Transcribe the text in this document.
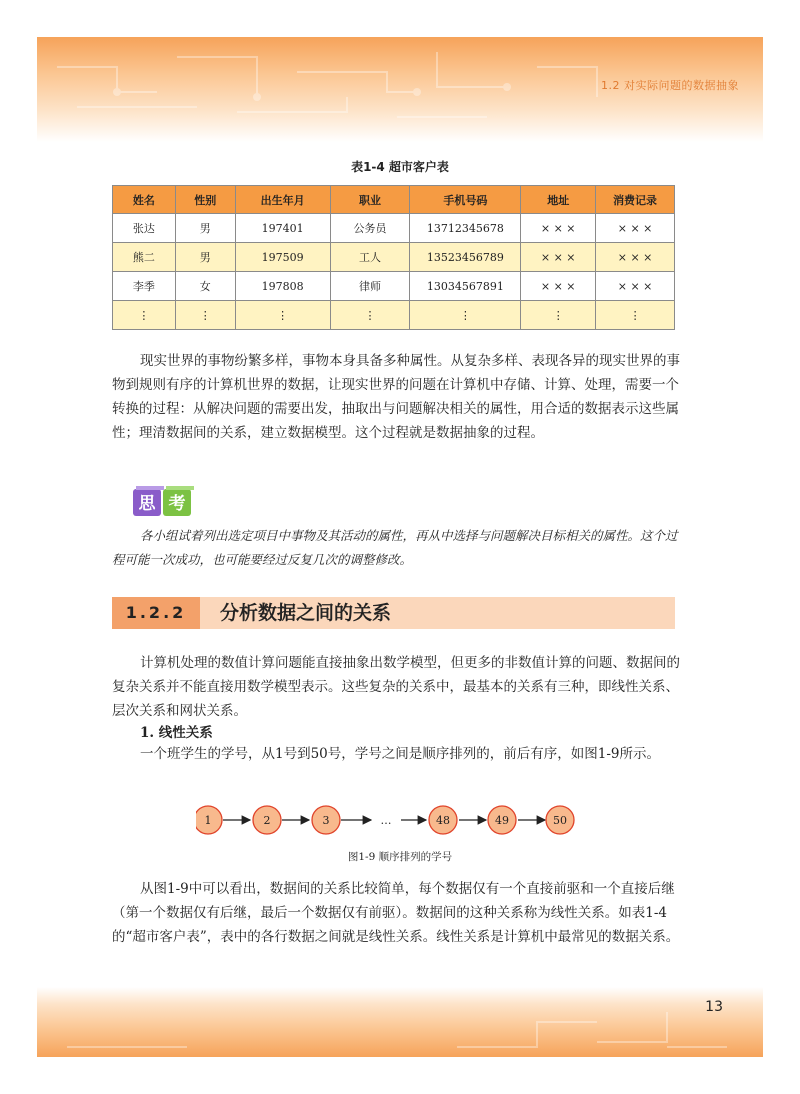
1.2 对实际问题的数据抽象
表1-4 超市客户表
姓名	性别	出生年月	职业	手机号码	地址	消费记录
张达	男	197401	公务员	13712345678	× × ×	× × ×
熊二	男	197509	工人	13523456789	× × ×	× × ×
李季	女	197808	律师	13034567891	× × ×	× × ×
⋮	⋮	⋮	⋮	⋮	⋮	⋮
现实世界的事物纷繁多样，事物本身具备多种属性。从复杂多样、表现各异的现实世界的事物到规则有序的计算机世界的数据，让现实世界的问题在计算机中存储、计算、处理，需要一个转换的过程：从解决问题的需要出发，抽取出与问题解决相关的属性，用合适的数据表示这些属性；理清数据间的关系，建立数据模型。这个过程就是数据抽象的过程。
思 考
各小组试着列出选定项目中事物及其活动的属性，再从中选择与问题解决目标相关的属性。这个过程可能一次成功，也可能要经过反复几次的调整修改。
1.2.2	分析数据之间的关系
计算机处理的数值计算问题能直接抽象出数学模型，但更多的非数值计算的问题、数据间的复杂关系并不能直接用数学模型表示。这些复杂的关系中，最基本的关系有三种，即线性关系、层次关系和网状关系。
1. 线性关系
一个班学生的学号，从1号到50号，学号之间是顺序排列的，前后有序，如图1-9所示。
1	2	3	…	48	49	50
图1-9 顺序排列的学号
从图1-9中可以看出，数据间的关系比较简单，每个数据仅有一个直接前驱和一个直接后继（第一个数据仅有后继，最后一个数据仅有前驱）。数据间的这种关系称为线性关系。如表1-4的“超市客户表”，表中的各行数据之间就是线性关系。线性关系是计算机中最常见的数据关系。
13
